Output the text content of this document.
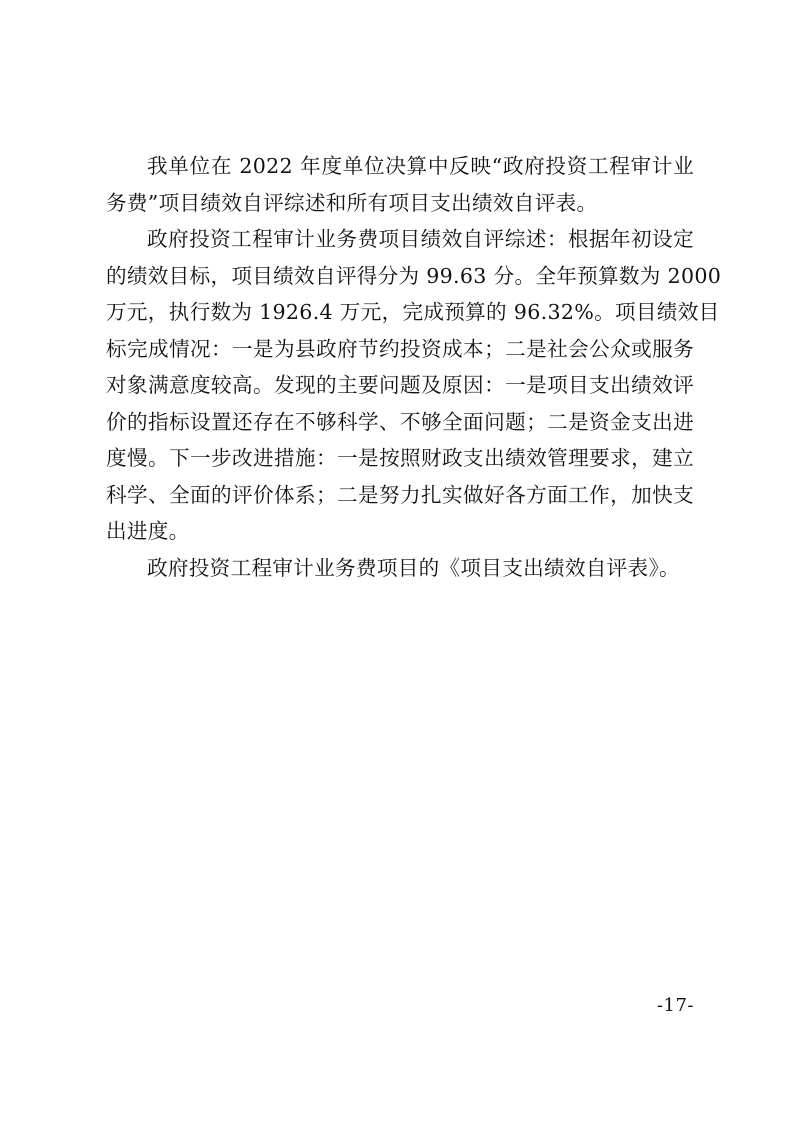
我单位在 2022 年度单位决算中反映“政府投资工程审计业
务费”项目绩效自评综述和所有项目支出绩效自评表。
政府投资工程审计业务费项目绩效自评综述：根据年初设定
的绩效目标，项目绩效自评得分为 99.63 分。全年预算数为 2000
万元，执行数为 1926.4 万元，完成预算的 96.32%。项目绩效目
标完成情况：一是为县政府节约投资成本；二是社会公众或服务
对象满意度较高。发现的主要问题及原因：一是项目支出绩效评
价的指标设置还存在不够科学、不够全面问题；二是资金支出进
度慢。下一步改进措施：一是按照财政支出绩效管理要求，建立
科学、全面的评价体系；二是努力扎实做好各方面工作，加快支
出进度。
政府投资工程审计业务费项目的《项目支出绩效自评表》。
-17-
